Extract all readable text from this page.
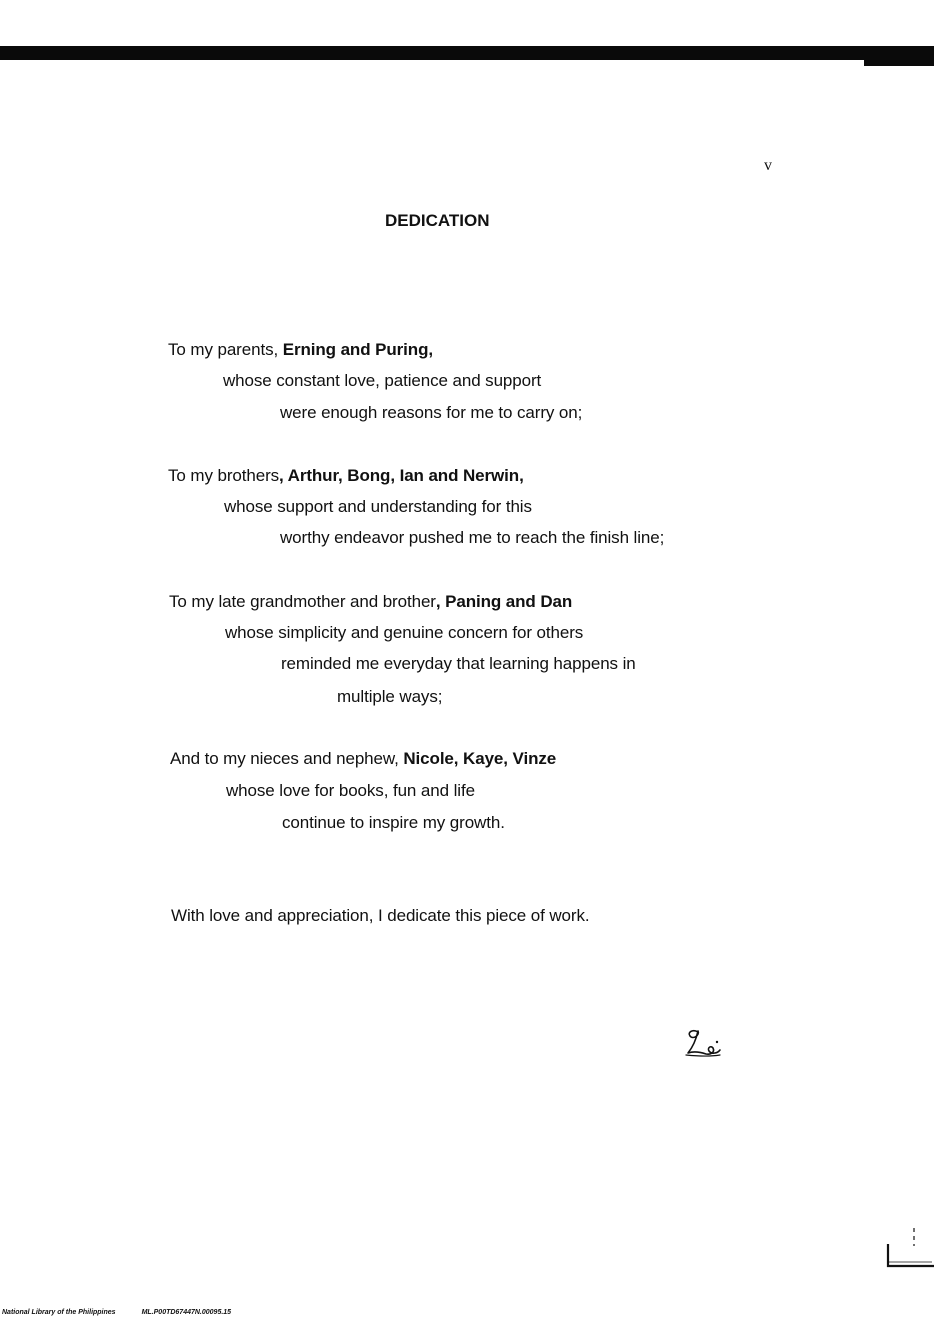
v
DEDICATION
To my parents, Erning and Puring,
whose constant love, patience and support
were enough reasons for me to carry on;
To my brothers, Arthur, Bong, Ian and Nerwin,
whose support and understanding for this
worthy endeavor pushed me to reach the finish line;
To my late grandmother and brother, Paning and Dan
whose simplicity and genuine concern for others
reminded me everyday that learning happens in
multiple ways;
And to my nieces and nephew, Nicole, Kaye, Vinze
whose love for books, fun and life
continue to inspire my growth.
With love and appreciation, I dedicate this piece of work.
National Library of the Philippines	ML.P00TD67447N.00095.15
